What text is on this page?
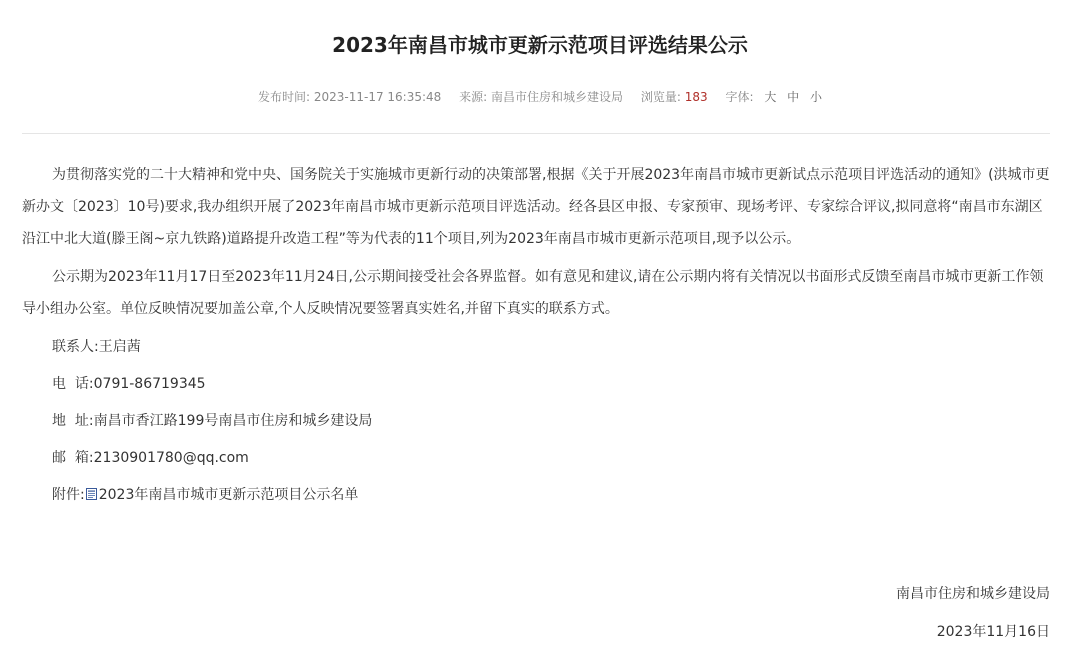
2023年南昌市城市更新示范项目评选结果公示
发布时间: 2023-11-17 16:35:48 来源: 南昌市住房和城乡建设局 浏览量: 183 字体: 大 中 小

为贯彻落实党的二十大精神和党中央、国务院关于实施城市更新行动的决策部署,根据《关于开展2023年南昌市城市更新试点示范项目评选活动的通知》(洪城市更新办文〔2023〕10号)要求,我办组织开展了2023年南昌市城市更新示范项目评选活动。经各县区申报、专家预审、现场考评、专家综合评议,拟同意将“南昌市东湖区沿江中北大道(滕王阁~京九铁路)道路提升改造工程”等为代表的11个项目,列为2023年南昌市城市更新示范项目,现予以公示。

公示期为2023年11月17日至2023年11月24日,公示期间接受社会各界监督。如有意见和建议,请在公示期内将有关情况以书面形式反馈至南昌市城市更新工作领导小组办公室。单位反映情况要加盖公章,个人反映情况要签署真实姓名,并留下真实的联系方式。

联系人:王启茜
电  话:0791-86719345
地  址:南昌市香江路199号南昌市住房和城乡建设局
邮  箱:2130901780@qq.com
附件: 2023年南昌市城市更新示范项目公示名单
南昌市住房和城乡建设局
2023年11月16日
